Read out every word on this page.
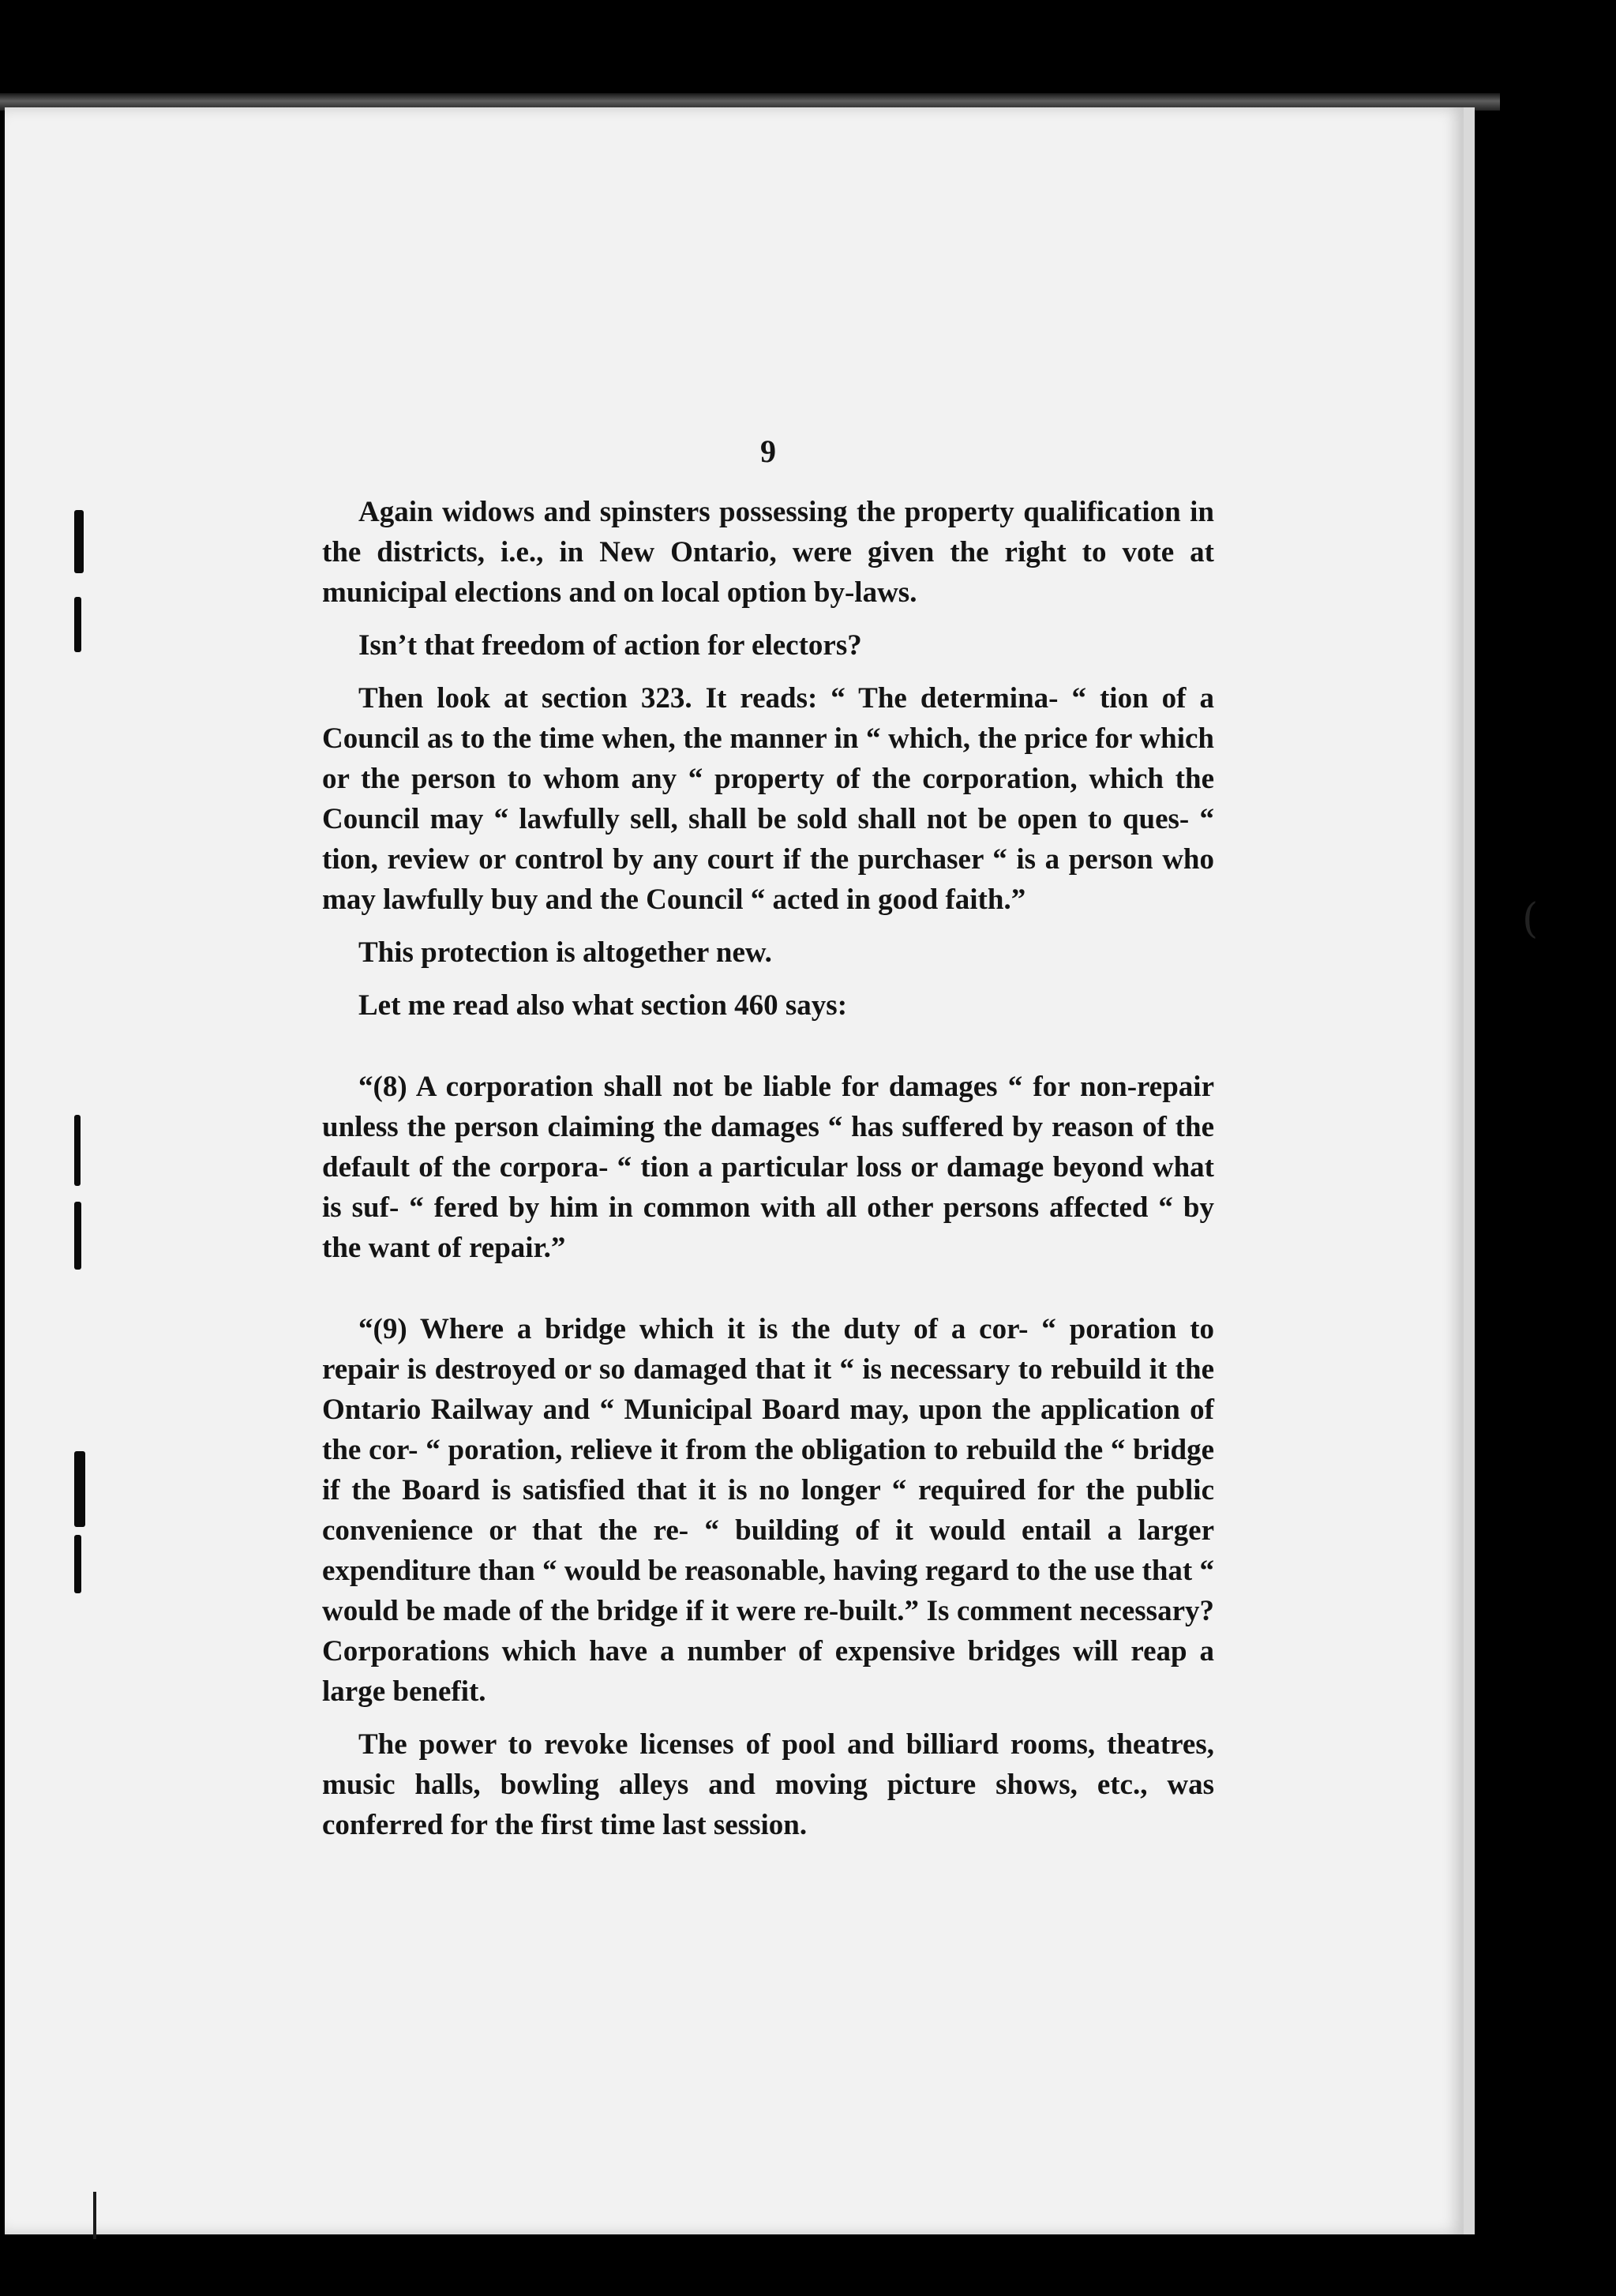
9

Again widows and spinsters possessing the property qualification in the districts, i.e., in New Ontario, were given the right to vote at municipal elections and on local option by-laws.

Isn’t that freedom of action for electors?

Then look at section 323. It reads: “ The determina- “ tion of a Council as to the time when, the manner in “ which, the price for which or the person to whom any “ property of the corporation, which the Council may “ lawfully sell, shall be sold shall not be open to ques- “ tion, review or control by any court if the purchaser “ is a person who may lawfully buy and the Council “ acted in good faith.”

This protection is altogether new.

Let me read also what section 460 says:

“(8) A corporation shall not be liable for damages “ for non-repair unless the person claiming the damages “ has suffered by reason of the default of the corpora- “ tion a particular loss or damage beyond what is suf- “ fered by him in common with all other persons affected “ by the want of repair.”

“(9) Where a bridge which it is the duty of a cor- “ poration to repair is destroyed or so damaged that it “ is necessary to rebuild it the Ontario Railway and “ Municipal Board may, upon the application of the cor- “ poration, relieve it from the obligation to rebuild the “ bridge if the Board is satisfied that it is no longer “ required for the public convenience or that the re- “ building of it would entail a larger expenditure than “ would be reasonable, having regard to the use that “ would be made of the bridge if it were re-built.” Is comment necessary? Corporations which have a number of expensive bridges will reap a large benefit.

The power to revoke licenses of pool and billiard rooms, theatres, music halls, bowling alleys and moving picture shows, etc., was conferred for the first time last session.

(
